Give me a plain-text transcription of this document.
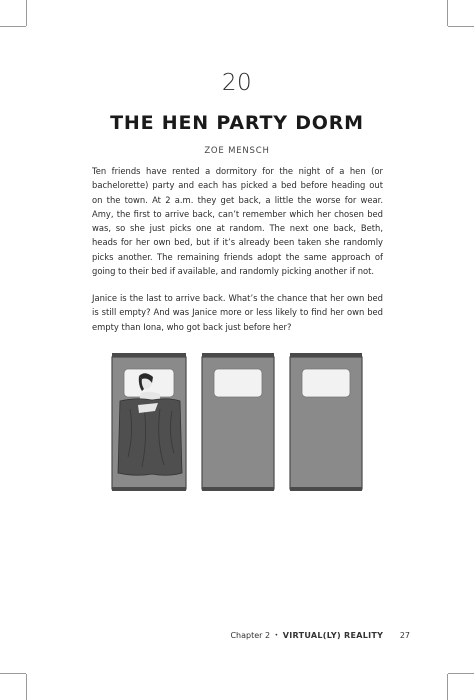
20
THE HEN PARTY DORM
ZOE MENSCH
Ten friends have rented a dormitory for the night of a hen (or bachelorette) party and each has picked a bed before heading out on the town. At 2 a.m. they get back, a little the worse for wear. Amy, the first to arrive back, can’t remember which her chosen bed was, so she just picks one at random. The next one back, Beth, heads for her own bed, but if it’s already been taken she randomly picks another. The remaining friends adopt the same approach of going to their bed if available, and randomly picking another if not.
Janice is the last to arrive back. What’s the chance that her own bed is still empty? And was Janice more or less likely to find her own bed empty than Iona, who got back just before her?
Chapter 2 • VIRTUAL(LY) REALITY 27
